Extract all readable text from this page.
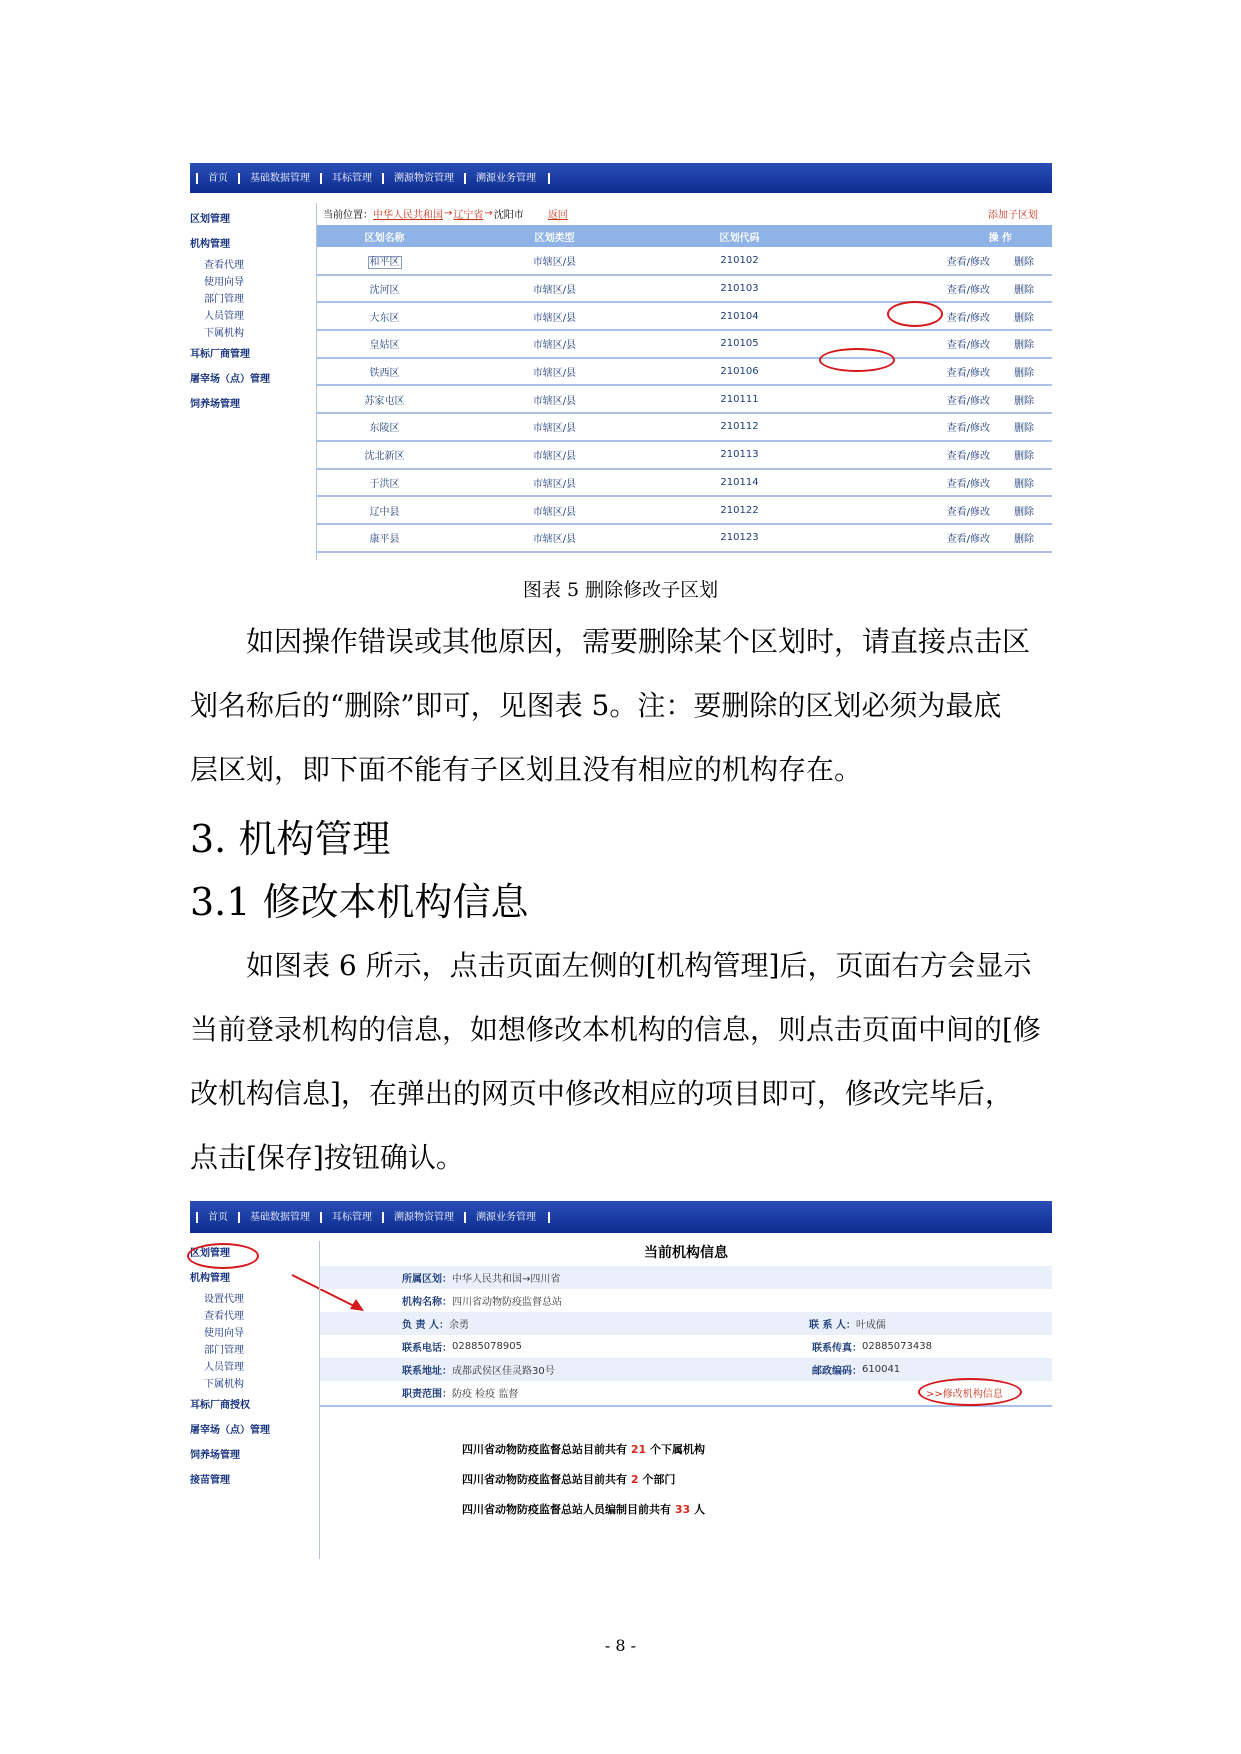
首页	基础数据管理	耳标管理	溯源物资管理	溯源业务管理
区划管理
机构管理
查看代理
使用向导
部门管理
人员管理
下属机构
耳标厂商管理
屠宰场（点）管理
饲养场管理
当前位置： 中华人民共和国 → 辽宁省 → 沈阳市 返回	添加子区划
区划名称	区划类型	区划代码	操 作
和平区	市辖区/县	210102	查看/修改 删除
沈河区	市辖区/县	210103	查看/修改 删除
大东区	市辖区/县	210104	查看/修改 删除
皇姑区	市辖区/县	210105	查看/修改 删除
铁西区	市辖区/县	210106	查看/修改 删除
苏家屯区	市辖区/县	210111	查看/修改 删除
东陵区	市辖区/县	210112	查看/修改 删除
沈北新区	市辖区/县	210113	查看/修改 删除
于洪区	市辖区/县	210114	查看/修改 删除
辽中县	市辖区/县	210122	查看/修改 删除
康平县	市辖区/县	210123	查看/修改 删除
图表 5 删除修改子区划
如因操作错误或其他原因，需要删除某个区划时，请直接点击区
划名称后的“删除”即可，见图表 5。注：要删除的区划必须为最底
层区划，即下面不能有子区划且没有相应的机构存在。
3. 机构管理
3.1 修改本机构信息
如图表 6 所示，点击页面左侧的[机构管理]后，页面右方会显示
当前登录机构的信息，如想修改本机构的信息，则点击页面中间的[修
改机构信息]，在弹出的网页中修改相应的项目即可，修改完毕后，
点击[保存]按钮确认。
首页	基础数据管理	耳标管理	溯源物资管理	溯源业务管理
区划管理
机构管理
设置代理
查看代理
使用向导
部门管理
人员管理
下属机构
耳标厂商授权
屠宰场（点）管理
饲养场管理
接苗管理
当前机构信息
所属区划： 中华人民共和国→四川省
机构名称： 四川省动物防疫监督总站
负 责 人： 余勇	联 系 人： 叶成儒
联系电话： 02885078905	联系传真： 02885073438
联系地址： 成都武侯区佳灵路30号	邮政编码： 610041
职责范围： 防疫 检疫 监督	>>修改机构信息
四川省动物防疫监督总站目前共有 21 个下属机构
四川省动物防疫监督总站目前共有 2 个部门
四川省动物防疫监督总站人员编制目前共有 33 人
- 8 -
